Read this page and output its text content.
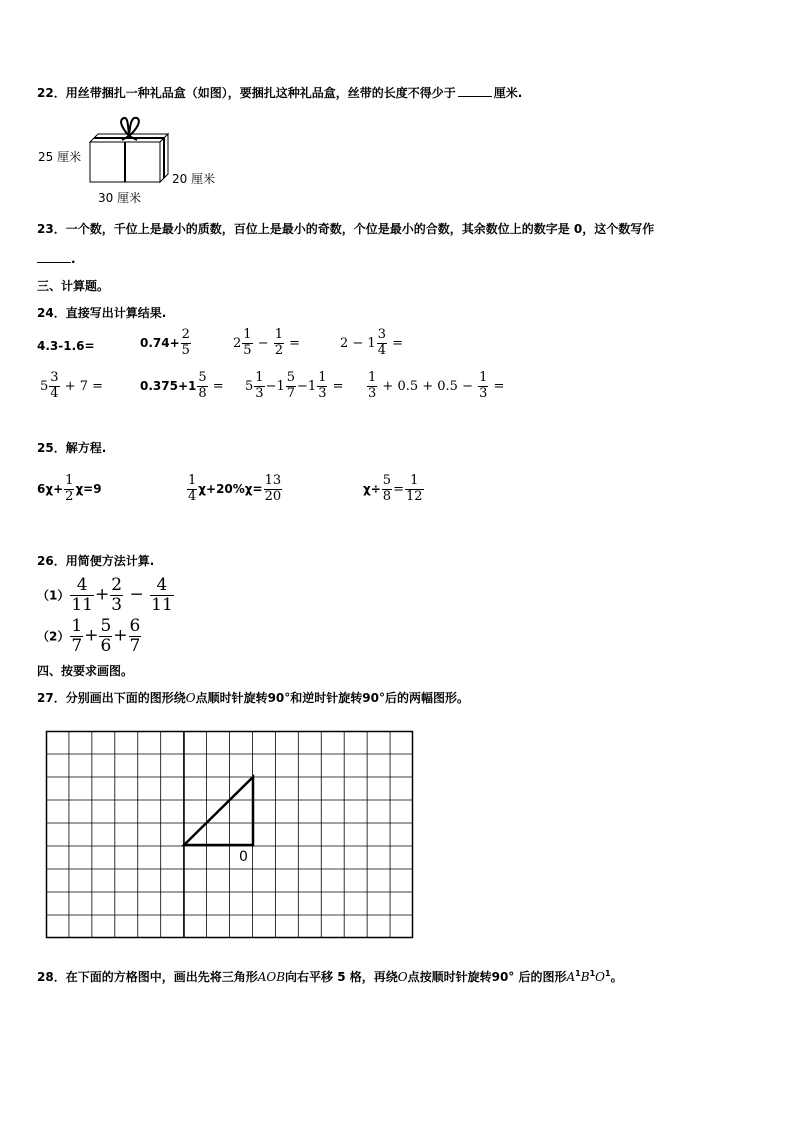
22．用丝带捆扎一种礼品盒（如图），要捆扎这种礼品盒，丝带的长度不得少于	厘米.
25 厘米
30 厘米
20 厘米
23．一个数，千位上是最小的质数，百位上是最小的奇数，个位是最小的合数，其余数位上的数字是 0，这个数写作
.
三、计算题。
24．直接写出计算结果.
4.3-1.6=	$0.74+ \frac{2}{5}$	$2 \frac{1}{5} - \frac{1}{2}$ =	$2 - 1 \frac{3}{4}$ =
$5 \frac{3}{4} + 7$ =	$0.375+1 \frac{5}{8} = 5 \frac{1}{3} -1 \frac{5}{7} -1 \frac{1}{3} = \frac{1}{3} + 0.5 + 0.5 - \frac{1}{3}$ =
25．解方程.
$6\chi+ \frac{1}{2} \chi=9$	$\frac{1}{4} \chi+20\%\chi= \frac{13}{20}$	$\chi\div \frac{5}{8} = \frac{1}{12}$
26．用简便方法计算.
$(1) \frac{4}{11} + \frac{2}{3} - \frac{4}{11}$
$(2) \frac{1}{7} + \frac{5}{6} + \frac{6}{7}$
四、按要求画图。
27．分别画出下面的图形绕O点顺时针旋转90°和逆时针旋转90°后的两幅图形。
0
28．在下面的方格图中，画出先将三角形AOB向右平移 5 格，再绕O点按顺时针旋转90° 后的图形$A^1B^1O^1$。
